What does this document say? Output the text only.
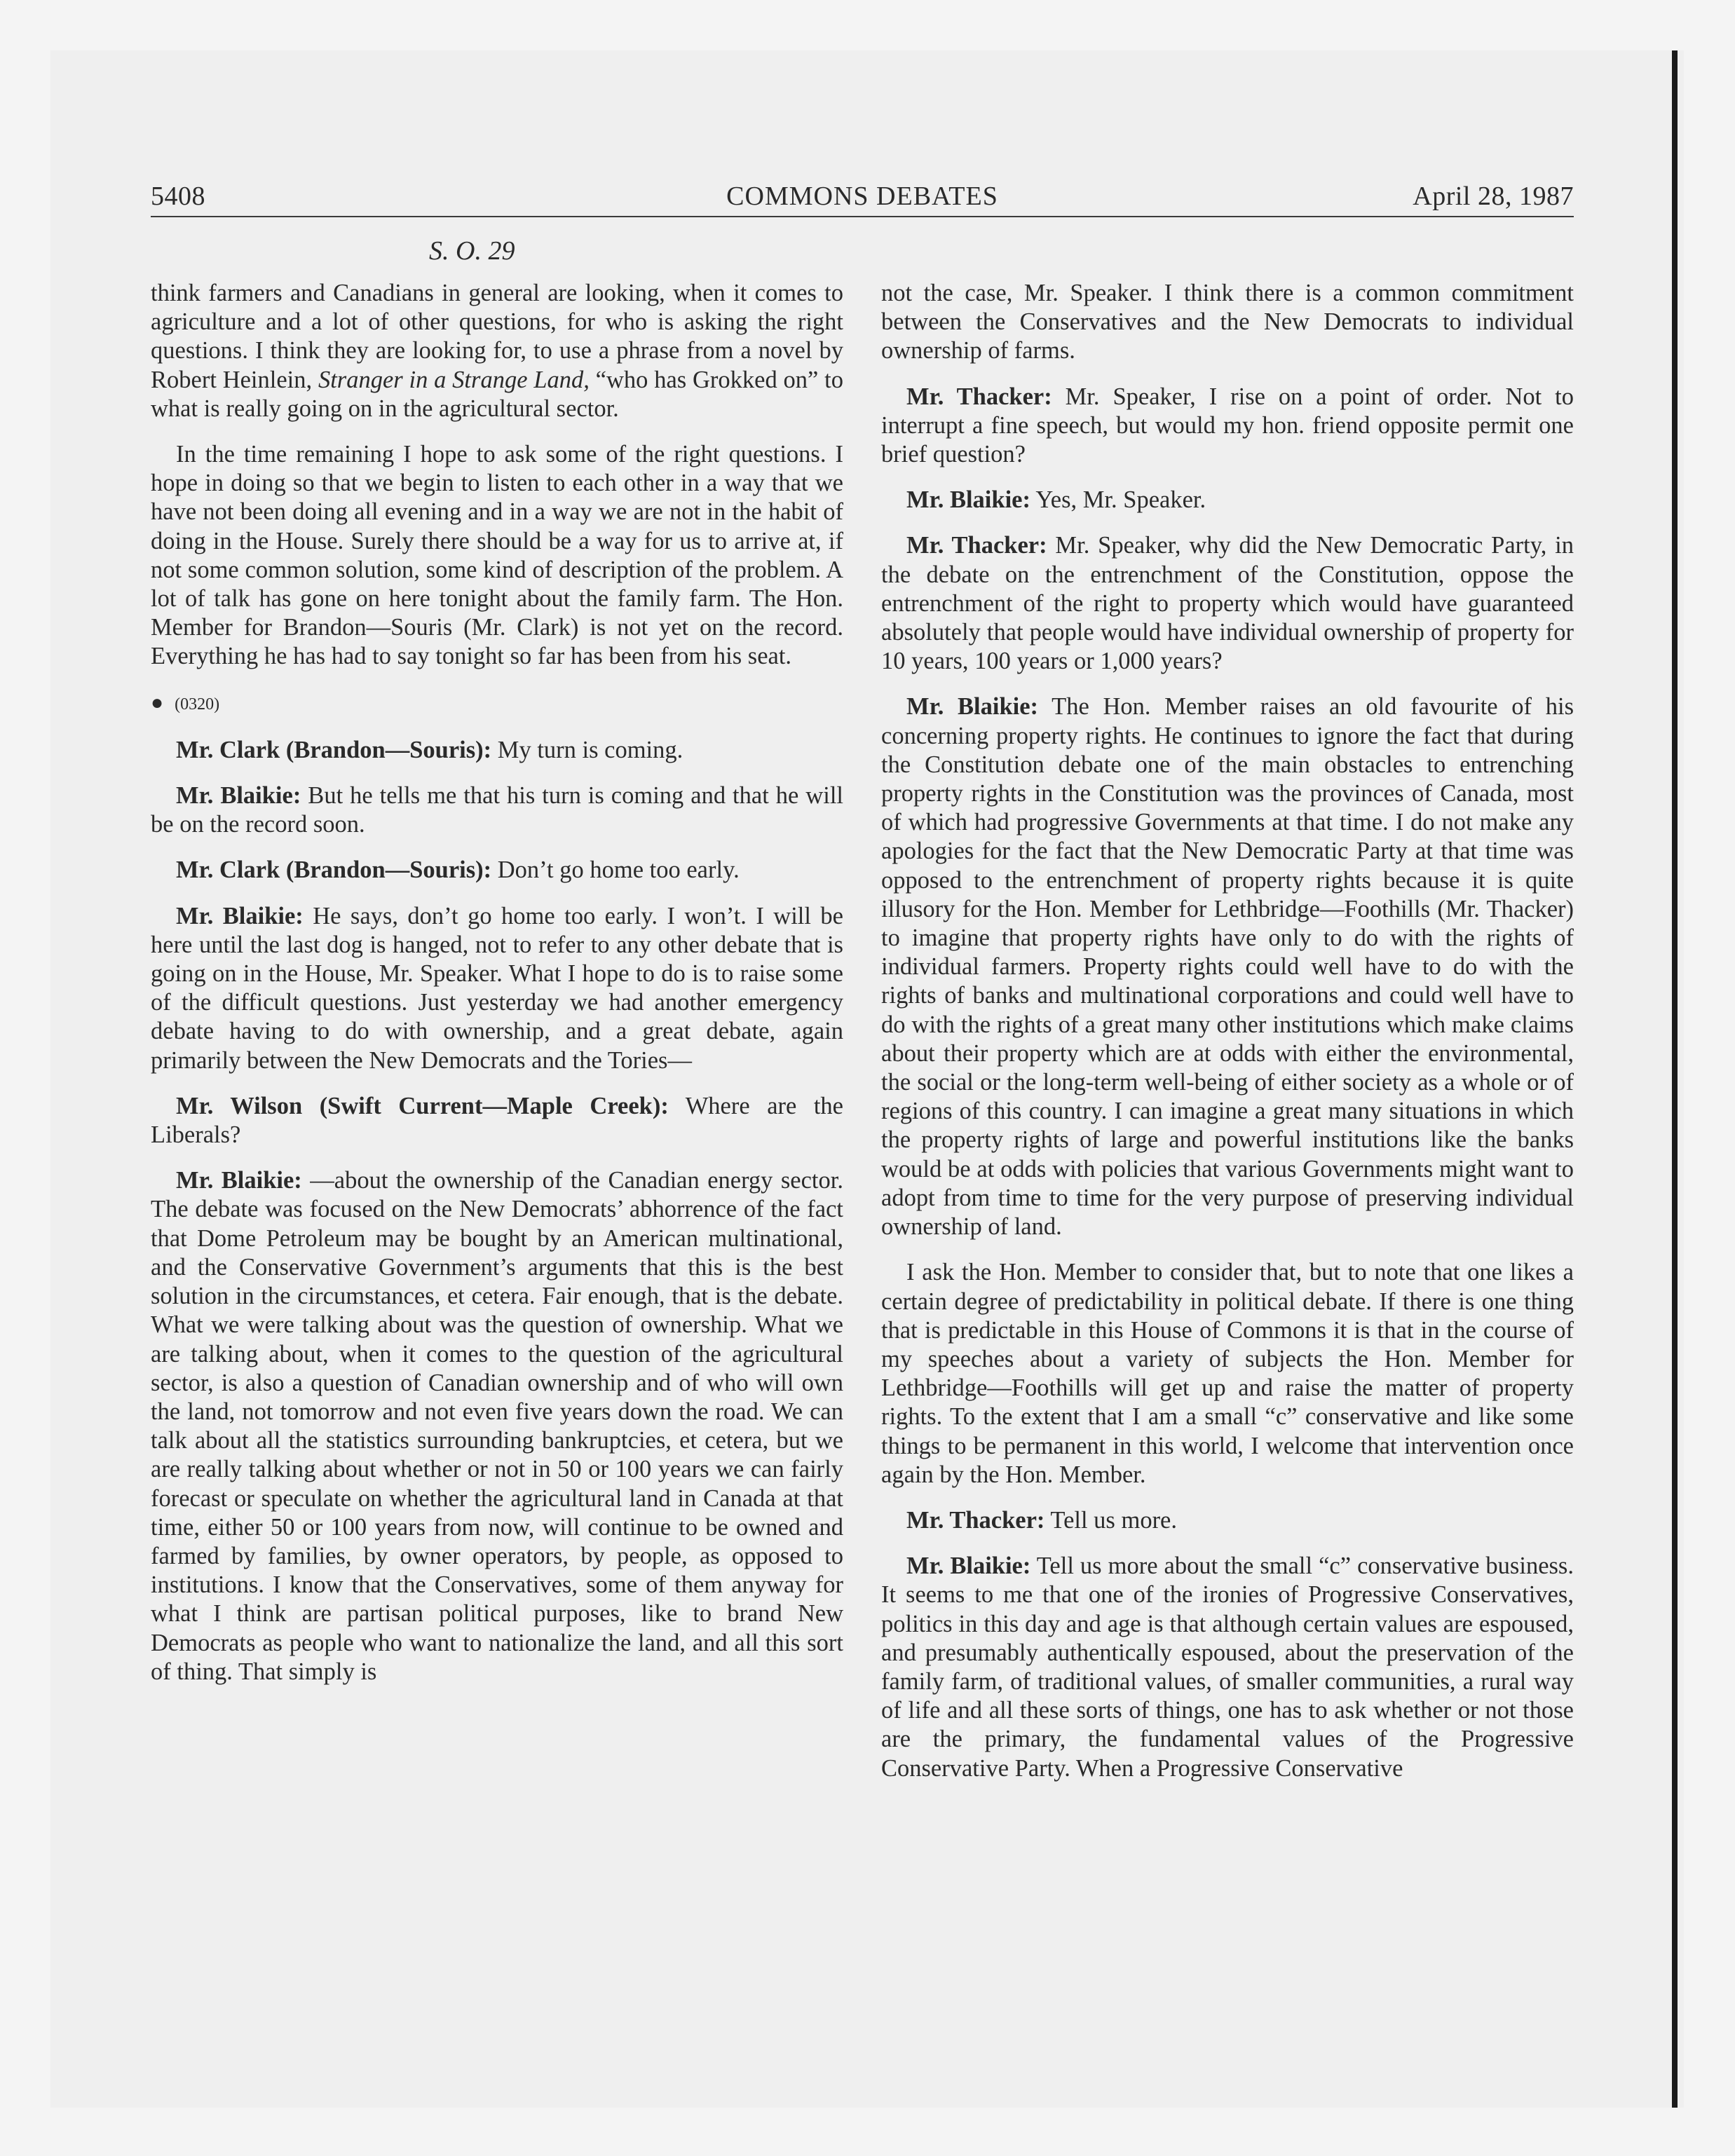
5408	COMMONS DEBATES	April 28, 1987
S. O. 29

think farmers and Canadians in general are looking, when it comes to agriculture and a lot of other questions, for who is asking the right questions. I think they are looking for, to use a phrase from a novel by Robert Heinlein, Stranger in a Strange Land, “who has Grokked on” to what is really going on in the agricultural sector.

In the time remaining I hope to ask some of the right questions. I hope in doing so that we begin to listen to each other in a way that we have not been doing all evening and in a way we are not in the habit of doing in the House. Surely there should be a way for us to arrive at, if not some common solution, some kind of description of the problem. A lot of talk has gone on here tonight about the family farm. The Hon. Member for Brandon—Souris (Mr. Clark) is not yet on the record. Everything he has had to say tonight so far has been from his seat.

● (0320)

Mr. Clark (Brandon—Souris): My turn is coming.

Mr. Blaikie: But he tells me that his turn is coming and that he will be on the record soon.

Mr. Clark (Brandon—Souris): Don’t go home too early.

Mr. Blaikie: He says, don’t go home too early. I won’t. I will be here until the last dog is hanged, not to refer to any other debate that is going on in the House, Mr. Speaker. What I hope to do is to raise some of the difficult questions. Just yesterday we had another emergency debate having to do with ownership, and a great debate, again primarily between the New Democrats and the Tories—

Mr. Wilson (Swift Current—Maple Creek): Where are the Liberals?

Mr. Blaikie: —about the ownership of the Canadian energy sector. The debate was focused on the New Democrats’ abhorrence of the fact that Dome Petroleum may be bought by an American multinational, and the Conservative Government’s arguments that this is the best solution in the circumstances, et cetera. Fair enough, that is the debate. What we were talking about was the question of ownership. What we are talking about, when it comes to the question of the agricultural sector, is also a question of Canadian ownership and of who will own the land, not tomorrow and not even five years down the road. We can talk about all the statistics surrounding bankruptcies, et cetera, but we are really talking about whether or not in 50 or 100 years we can fairly forecast or speculate on whether the agricultural land in Canada at that time, either 50 or 100 years from now, will continue to be owned and farmed by families, by owner operators, by people, as opposed to institutions. I know that the Conservatives, some of them anyway for what I think are partisan political purposes, like to brand New Democrats as people who want to nationalize the land, and all this sort of thing. That simply is

not the case, Mr. Speaker. I think there is a common commitment between the Conservatives and the New Democrats to individual ownership of farms.

Mr. Thacker: Mr. Speaker, I rise on a point of order. Not to interrupt a fine speech, but would my hon. friend opposite permit one brief question?

Mr. Blaikie: Yes, Mr. Speaker.

Mr. Thacker: Mr. Speaker, why did the New Democratic Party, in the debate on the entrenchment of the Constitution, oppose the entrenchment of the right to property which would have guaranteed absolutely that people would have individual ownership of property for 10 years, 100 years or 1,000 years?

Mr. Blaikie: The Hon. Member raises an old favourite of his concerning property rights. He continues to ignore the fact that during the Constitution debate one of the main obstacles to entrenching property rights in the Constitution was the provinces of Canada, most of which had progressive Governments at that time. I do not make any apologies for the fact that the New Democratic Party at that time was opposed to the entrenchment of property rights because it is quite illusory for the Hon. Member for Lethbridge—Foothills (Mr. Thacker) to imagine that property rights have only to do with the rights of individual farmers. Property rights could well have to do with the rights of banks and multinational corporations and could well have to do with the rights of a great many other institutions which make claims about their property which are at odds with either the environmental, the social or the long-term well-being of either society as a whole or of regions of this country. I can imagine a great many situations in which the property rights of large and powerful institutions like the banks would be at odds with policies that various Governments might want to adopt from time to time for the very purpose of preserving individual ownership of land.

I ask the Hon. Member to consider that, but to note that one likes a certain degree of predictability in political debate. If there is one thing that is predictable in this House of Commons it is that in the course of my speeches about a variety of subjects the Hon. Member for Lethbridge—Foothills will get up and raise the matter of property rights. To the extent that I am a small “c” conservative and like some things to be permanent in this world, I welcome that intervention once again by the Hon. Member.

Mr. Thacker: Tell us more.

Mr. Blaikie: Tell us more about the small “c” conservative business. It seems to me that one of the ironies of Progressive Conservatives, politics in this day and age is that although certain values are espoused, and presumably authentically espoused, about the preservation of the family farm, of traditional values, of smaller communities, a rural way of life and all these sorts of things, one has to ask whether or not those are the primary, the fundamental values of the Progressive Conservative Party. When a Progressive Conservative
